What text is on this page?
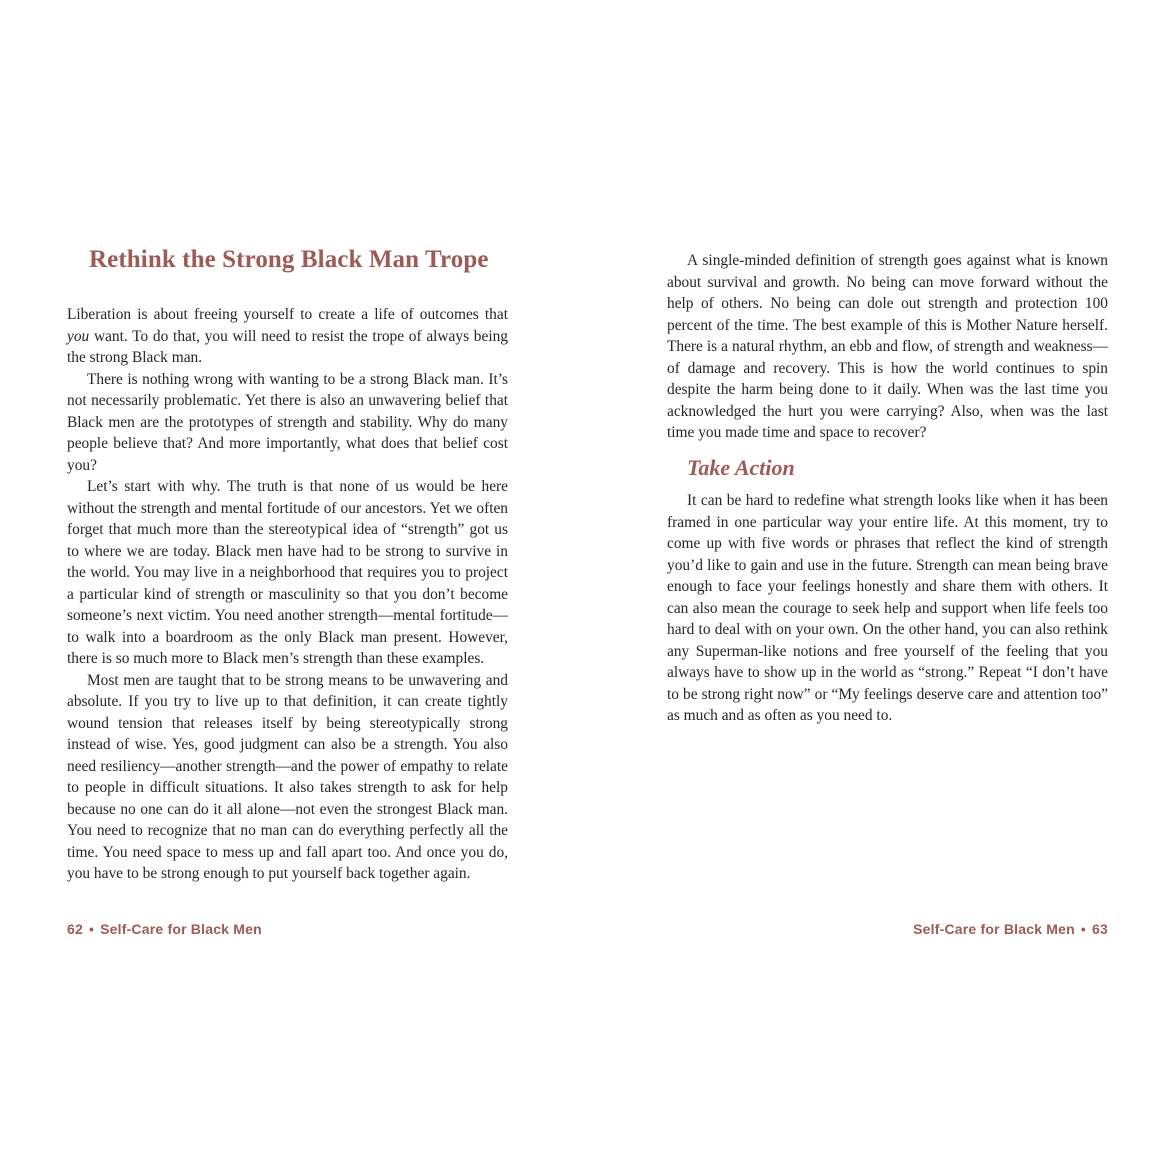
Rethink the Strong Black Man Trope

Liberation is about freeing yourself to create a life of outcomes that you want. To do that, you will need to resist the trope of always being the strong Black man.

There is nothing wrong with wanting to be a strong Black man. It’s not necessarily problematic. Yet there is also an unwavering belief that Black men are the prototypes of strength and stability. Why do many people believe that? And more importantly, what does that belief cost you?

Let’s start with why. The truth is that none of us would be here without the strength and mental fortitude of our ancestors. Yet we often forget that much more than the stereotypical idea of “strength” got us to where we are today. Black men have had to be strong to survive in the world. You may live in a neighborhood that requires you to project a particular kind of strength or masculinity so that you don’t become someone’s next victim. You need another strength—mental fortitude—to walk into a boardroom as the only Black man present. However, there is so much more to Black men’s strength than these examples.

Most men are taught that to be strong means to be unwavering and absolute. If you try to live up to that definition, it can create tightly wound tension that releases itself by being stereotypically strong instead of wise. Yes, good judgment can also be a strength. You also need resiliency—another strength—and the power of empathy to relate to people in difficult situations. It also takes strength to ask for help because no one can do it all alone—not even the strongest Black man. You need to recognize that no man can do everything perfectly all the time. You need space to mess up and fall apart too. And once you do, you have to be strong enough to put yourself back together again.

62 • Self-Care for Black Men

A single-minded definition of strength goes against what is known about survival and growth. No being can move forward without the help of others. No being can dole out strength and protection 100 percent of the time. The best example of this is Mother Nature herself. There is a natural rhythm, an ebb and flow, of strength and weakness—of damage and recovery. This is how the world continues to spin despite the harm being done to it daily. When was the last time you acknowledged the hurt you were carrying? Also, when was the last time you made time and space to recover?

Take Action

It can be hard to redefine what strength looks like when it has been framed in one particular way your entire life. At this moment, try to come up with five words or phrases that reflect the kind of strength you’d like to gain and use in the future. Strength can mean being brave enough to face your feelings honestly and share them with others. It can also mean the courage to seek help and support when life feels too hard to deal with on your own. On the other hand, you can also rethink any Superman-like notions and free yourself of the feeling that you always have to show up in the world as “strong.” Repeat “I don’t have to be strong right now” or “My feelings deserve care and attention too” as much and as often as you need to.

Self-Care for Black Men • 63
